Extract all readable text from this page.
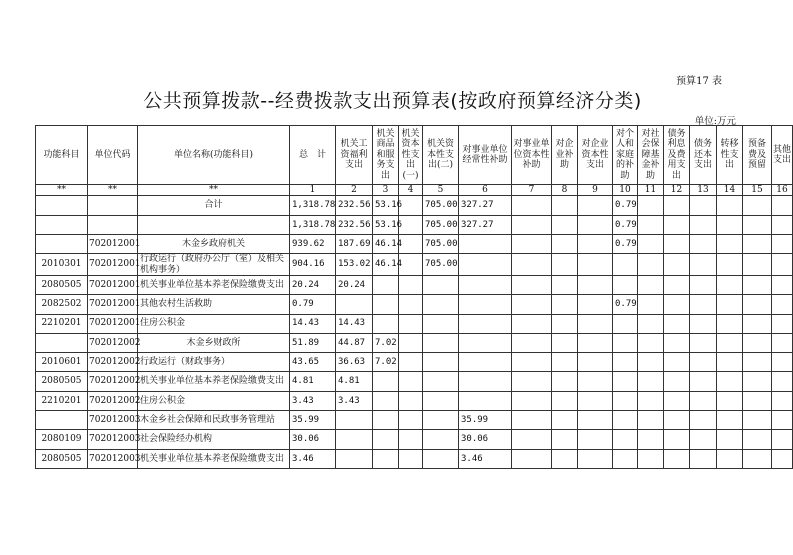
预算17 表
公共预算拨款--经费拨款支出预算表(按政府预算经济分类)
单位:万元
功能科目	单位代码	单位名称(功能科目)	总　计	机关工资福利支出	机关商品和服务支出	机关资本性支出(一)	机关资本性支出(二)	对事业单位经常性补助	对事业单位资本性补助	对企业补助	对企业资本性支出	对个人和家庭的补助	对社会保障基金补助	债务利息及费用支出	债务还本支出	转移性支出	预备费及预留	其他支出
**	**	**	1	2	3	4	5	6	7	8	9	10	11	12	13	14	15	16
		合计	1,318.78	232.56	53.16		705.00	327.27				0.79						
			1,318.78	232.56	53.16		705.00	327.27				0.79						
	702012001	木金乡政府机关	939.62	187.69	46.14		705.00					0.79						
2010301	702012001	行政运行（政府办公厅（室）及相关机构事务）	904.16	153.02	46.14		705.00											
2080505	702012001	机关事业单位基本养老保险缴费支出	20.24	20.24														
2082502	702012001	其他农村生活救助	0.79									0.79						
2210201	702012001	住房公积金	14.43	14.43														
	702012002	木金乡财政所	51.89	44.87	7.02													
2010601	702012002	行政运行（财政事务）	43.65	36.63	7.02													
2080505	702012002	机关事业单位基本养老保险缴费支出	4.81	4.81														
2210201	702012002	住房公积金	3.43	3.43														
	702012003	木金乡社会保障和民政事务管理站	35.99					35.99										
2080109	702012003	社会保险经办机构	30.06					30.06										
2080505	702012003	机关事业单位基本养老保险缴费支出	3.46					3.46										
